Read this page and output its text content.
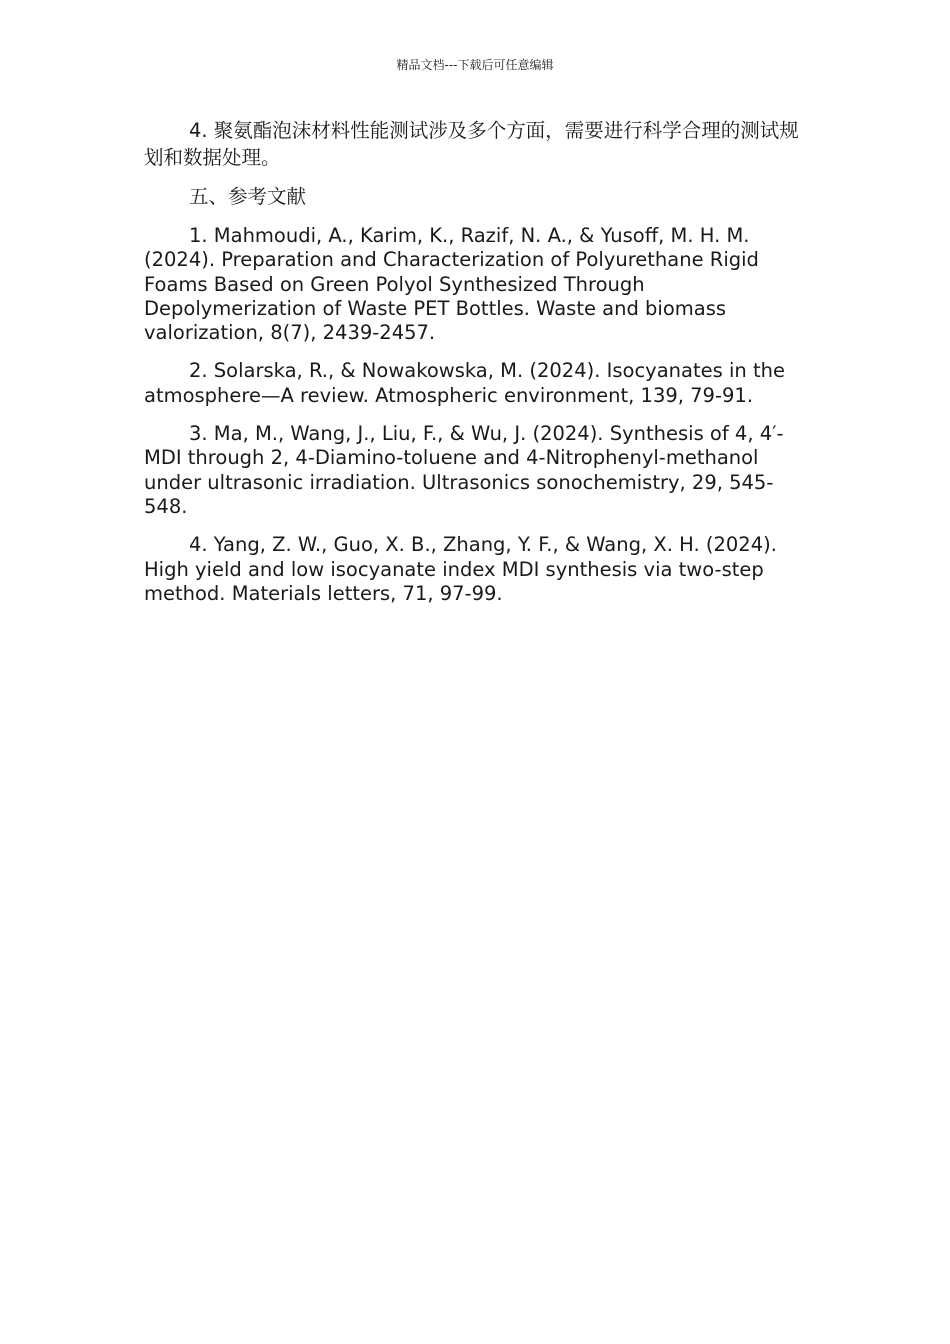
精品文档---下载后可任意编辑

4. 聚氨酯泡沫材料性能测试涉及多个方面，需要进行科学合理的测试规划和数据处理。

五、参考文献

1. Mahmoudi, A., Karim, K., Razif, N. A., & Yusoff, M. H. M. (2024). Preparation and Characterization of Polyurethane Rigid Foams Based on Green Polyol Synthesized Through Depolymerization of Waste PET Bottles. Waste and biomass valorization, 8(7), 2439-2457.

2. Solarska, R., & Nowakowska, M. (2024). Isocyanates in the atmosphere—A review. Atmospheric environment, 139, 79-91.

3. Ma, M., Wang, J., Liu, F., & Wu, J. (2024). Synthesis of 4, 4′-MDI through 2, 4-Diamino-toluene and 4-Nitrophenyl-methanol under ultrasonic irradiation. Ultrasonics sonochemistry, 29, 545-548.

4. Yang, Z. W., Guo, X. B., Zhang, Y. F., & Wang, X. H. (2024). High yield and low isocyanate index MDI synthesis via two-step method. Materials letters, 71, 97-99.
